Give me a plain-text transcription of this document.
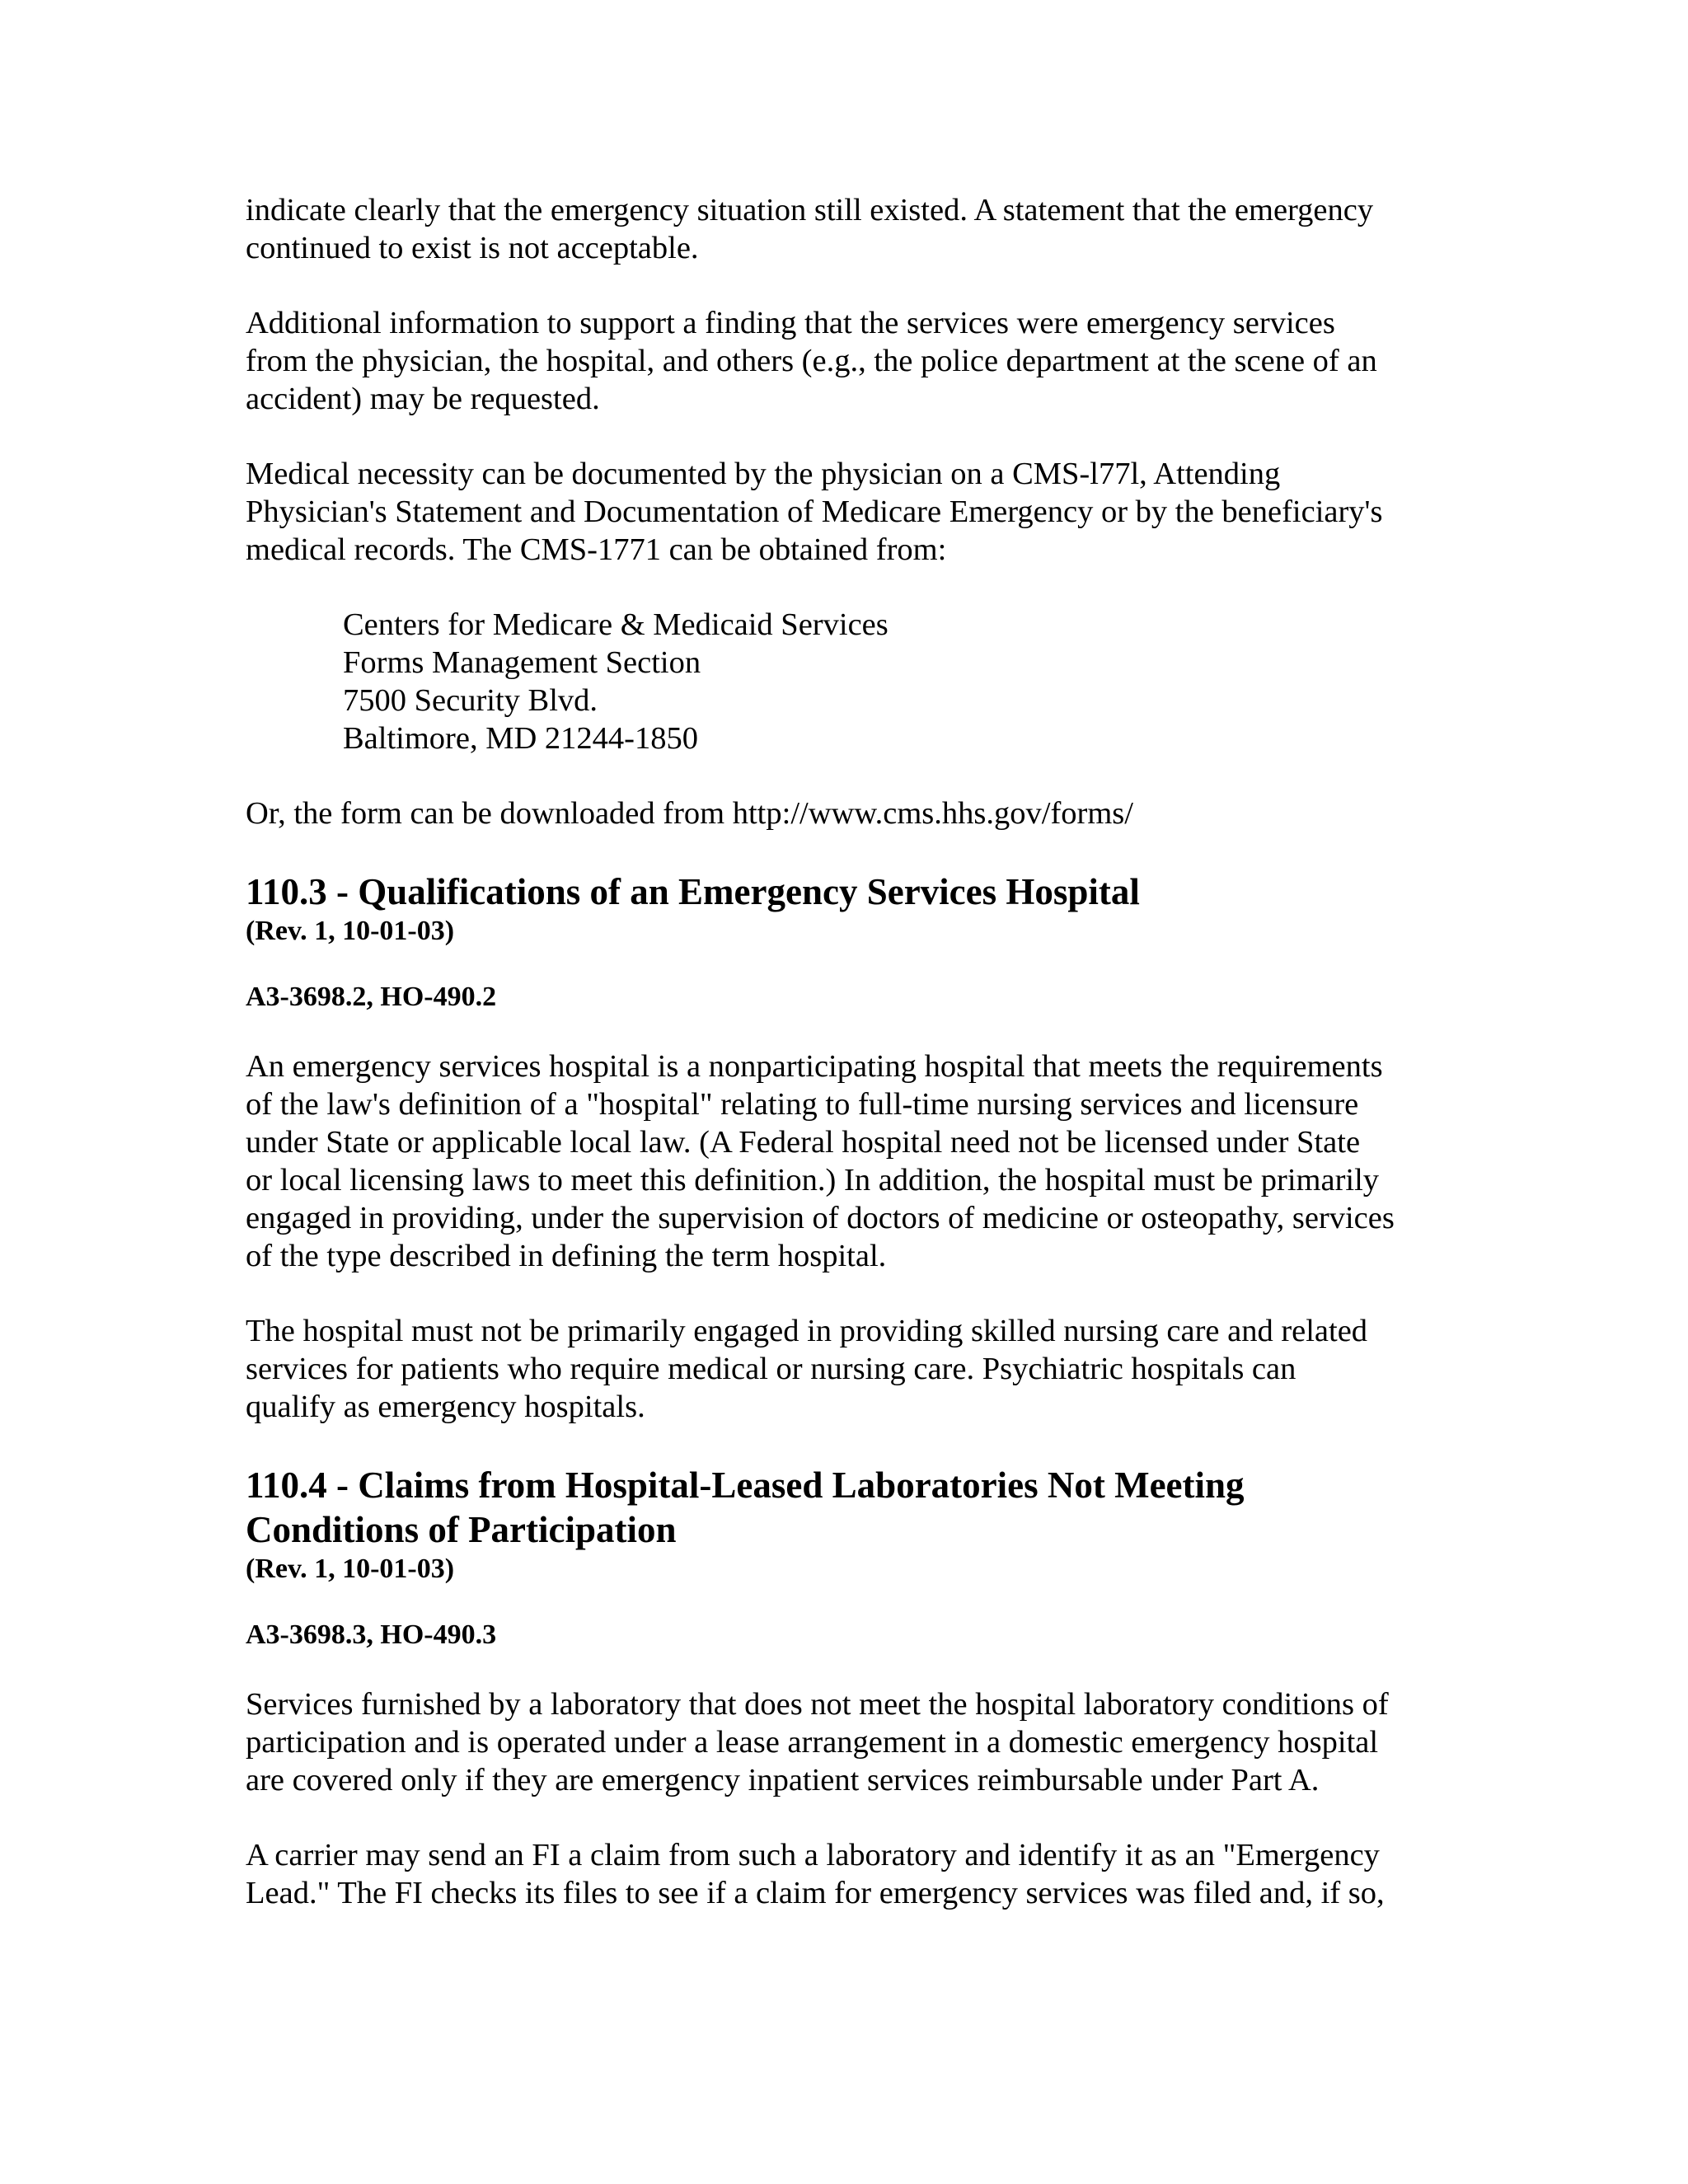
indicate clearly that the emergency situation still existed. A statement that the emergency
continued to exist is not acceptable.
Additional information to support a finding that the services were emergency services
from the physician, the hospital, and others (e.g., the police department at the scene of an
accident) may be requested.
Medical necessity can be documented by the physician on a CMS-l77l, Attending
Physician's Statement and Documentation of Medicare Emergency or by the beneficiary's
medical records. The CMS-1771 can be obtained from:
Centers for Medicare & Medicaid Services
Forms Management Section
7500 Security Blvd.
Baltimore, MD 21244-1850
Or, the form can be downloaded from http://www.cms.hhs.gov/forms/
110.3 - Qualifications of an Emergency Services Hospital
(Rev. 1, 10-01-03)
A3-3698.2, HO-490.2
An emergency services hospital is a nonparticipating hospital that meets the requirements
of the law's definition of a "hospital" relating to full-time nursing services and licensure
under State or applicable local law. (A Federal hospital need not be licensed under State
or local licensing laws to meet this definition.) In addition, the hospital must be primarily
engaged in providing, under the supervision of doctors of medicine or osteopathy, services
of the type described in defining the term hospital.
The hospital must not be primarily engaged in providing skilled nursing care and related
services for patients who require medical or nursing care. Psychiatric hospitals can
qualify as emergency hospitals.
110.4 - Claims from Hospital-Leased Laboratories Not Meeting
Conditions of Participation
(Rev. 1, 10-01-03)
A3-3698.3, HO-490.3
Services furnished by a laboratory that does not meet the hospital laboratory conditions of
participation and is operated under a lease arrangement in a domestic emergency hospital
are covered only if they are emergency inpatient services reimbursable under Part A.
A carrier may send an FI a claim from such a laboratory and identify it as an "Emergency
Lead." The FI checks its files to see if a claim for emergency services was filed and, if so,
